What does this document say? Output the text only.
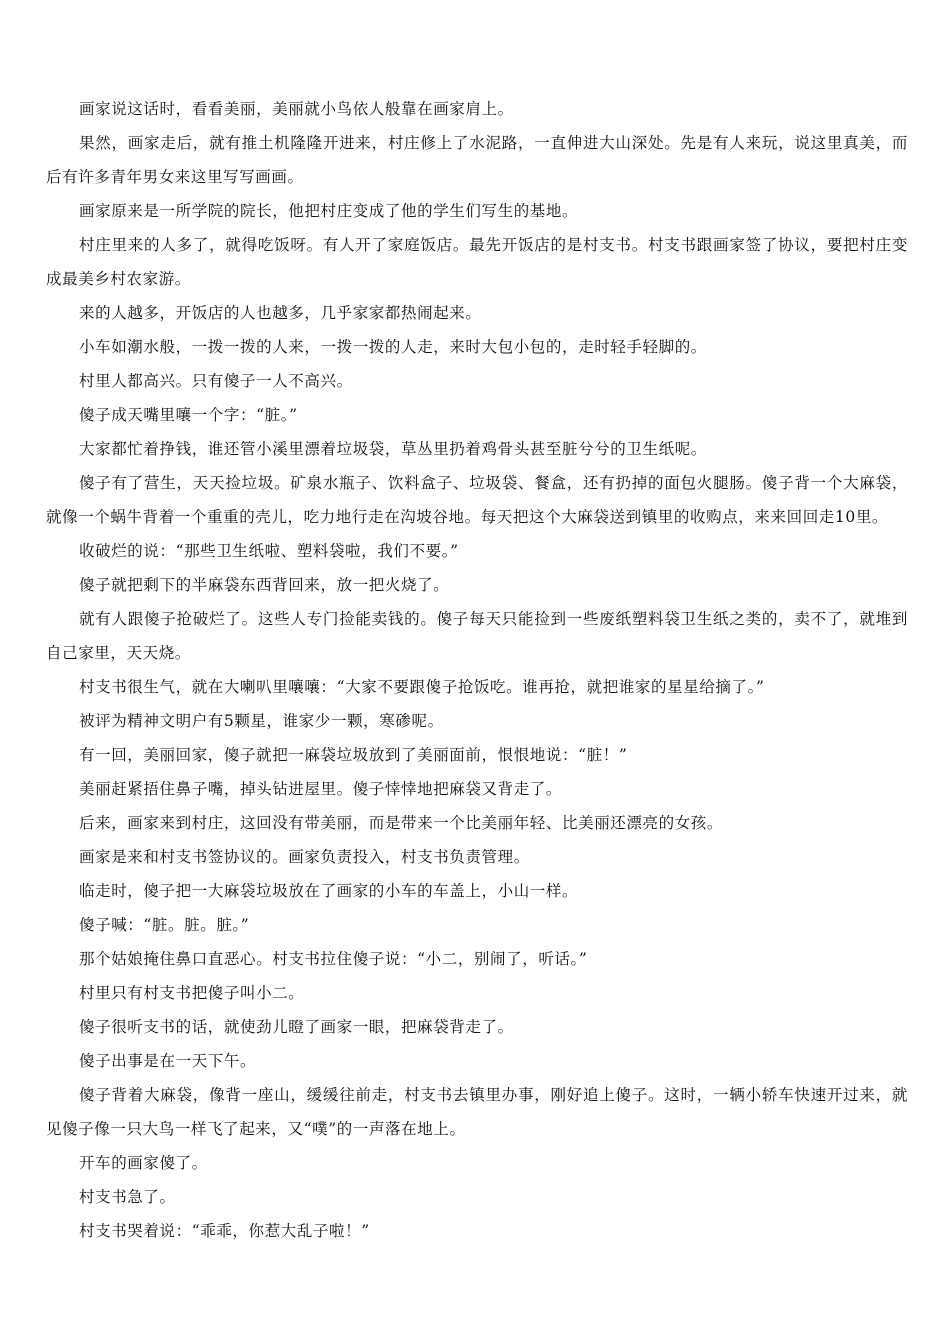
画家说这话时，看看美丽，美丽就小鸟依人般靠在画家肩上。

果然，画家走后，就有推土机隆隆开进来，村庄修上了水泥路，一直伸进大山深处。先是有人来玩，说这里真美，而后有许多青年男女来这里写写画画。

画家原来是一所学院的院长，他把村庄变成了他的学生们写生的基地。

村庄里来的人多了，就得吃饭呀。有人开了家庭饭店。最先开饭店的是村支书。村支书跟画家签了协议，要把村庄变成最美乡村农家游。

来的人越多，开饭店的人也越多，几乎家家都热闹起来。

小车如潮水般，一拨一拨的人来，一拨一拨的人走，来时大包小包的，走时轻手轻脚的。

村里人都高兴。只有傻子一人不高兴。

傻子成天嘴里嚷一个字：“脏。”

大家都忙着挣钱，谁还管小溪里漂着垃圾袋，草丛里扔着鸡骨头甚至脏兮兮的卫生纸呢。

傻子有了营生，天天捡垃圾。矿泉水瓶子、饮料盒子、垃圾袋、餐盒，还有扔掉的面包火腿肠。傻子背一个大麻袋，就像一个蜗牛背着一个重重的壳儿，吃力地行走在沟坡谷地。每天把这个大麻袋送到镇里的收购点，来来回回走10里。

收破烂的说：“那些卫生纸啦、塑料袋啦，我们不要。”

傻子就把剩下的半麻袋东西背回来，放一把火烧了。

就有人跟傻子抢破烂了。这些人专门捡能卖钱的。傻子每天只能捡到一些废纸塑料袋卫生纸之类的，卖不了，就堆到自己家里，天天烧。

村支书很生气，就在大喇叭里嚷嚷：“大家不要跟傻子抢饭吃。谁再抢，就把谁家的星星给摘了。”

被评为精神文明户有5颗星，谁家少一颗，寒碜呢。

有一回，美丽回家，傻子就把一麻袋垃圾放到了美丽面前，恨恨地说：“脏！”

美丽赶紧捂住鼻子嘴，掉头钻进屋里。傻子悻悻地把麻袋又背走了。

后来，画家来到村庄，这回没有带美丽，而是带来一个比美丽年轻、比美丽还漂亮的女孩。

画家是来和村支书签协议的。画家负责投入，村支书负责管理。

临走时，傻子把一大麻袋垃圾放在了画家的小车的车盖上，小山一样。

傻子喊：“脏。脏。脏。”

那个姑娘掩住鼻口直恶心。村支书拉住傻子说：“小二，别闹了，听话。”

村里只有村支书把傻子叫小二。

傻子很听支书的话，就使劲儿瞪了画家一眼，把麻袋背走了。

傻子出事是在一天下午。

傻子背着大麻袋，像背一座山，缓缓往前走，村支书去镇里办事，刚好追上傻子。这时，一辆小轿车快速开过来，就见傻子像一只大鸟一样飞了起来，又“噗”的一声落在地上。

开车的画家傻了。

村支书急了。

村支书哭着说：“乖乖，你惹大乱子啦！”
